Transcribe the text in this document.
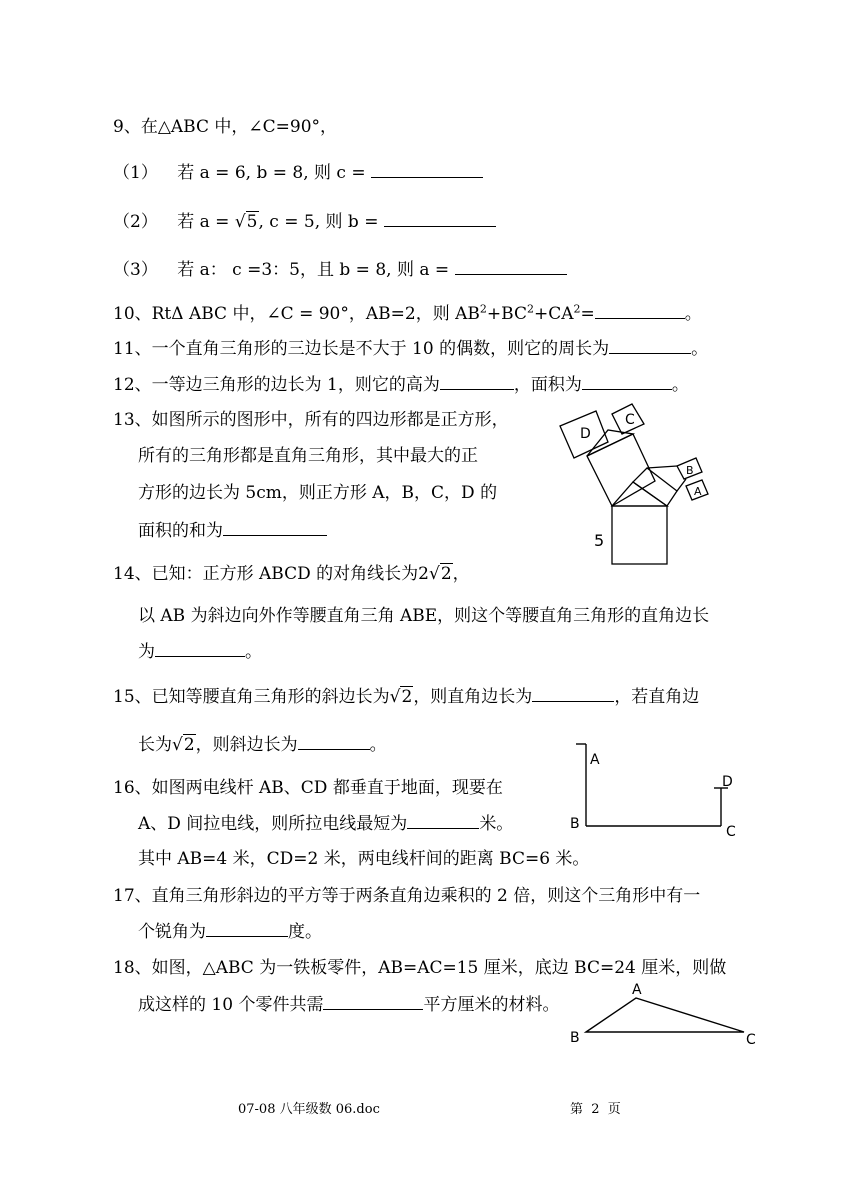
9、在△ABC 中，∠C=90°，
（1） 若 a = 6, b = 8, 则 c =
（2） 若 a = √5, c = 5, 则 b =
（3） 若 a： c =3：5，且 b = 8, 则 a =
10、RtΔ ABC 中，∠C = 90°，AB=2，则 $AB^2+BC^2+CA^2=$	。
11、一个直角三角形的三边长是不大于 10 的偶数，则它的周长为	。
12、一等边三角形的边长为 1，则它的高为	，面积为	。
13、如图所示的图形中，所有的四边形都是正方形，
所有的三角形都是直角三角形，其中最大的正
方形的边长为 5cm，则正方形 A，B，C，D 的
面积的和为
D
C
B
A
5
14、已知：正方形 ABCD 的对角线长为2√2，
以 AB 为斜边向外作等腰直角三角 ABE，则这个等腰直角三角形的直角边长
为	。
15、已知等腰直角三角形的斜边长为√2，则直角边长为	，若直角边
长为√2，则斜边长为	。
16、如图两电线杆 AB、CD 都垂直于地面，现要在
A、D 间拉电线，则所拉电线最短为	米。
其中 AB=4 米，CD=2 米，两电线杆间的距离 BC=6 米。
A
B	C
D
17、直角三角形斜边的平方等于两条直角边乘积的 2 倍，则这个三角形中有一
个锐角为	度。
18、如图，△ABC 为一铁板零件，AB=AC=15 厘米，底边 BC=24 厘米，则做
成这样的 10 个零件共需	平方厘米的材料。
A
B	C
07-08 八年级数 06.doc	第  2  页
